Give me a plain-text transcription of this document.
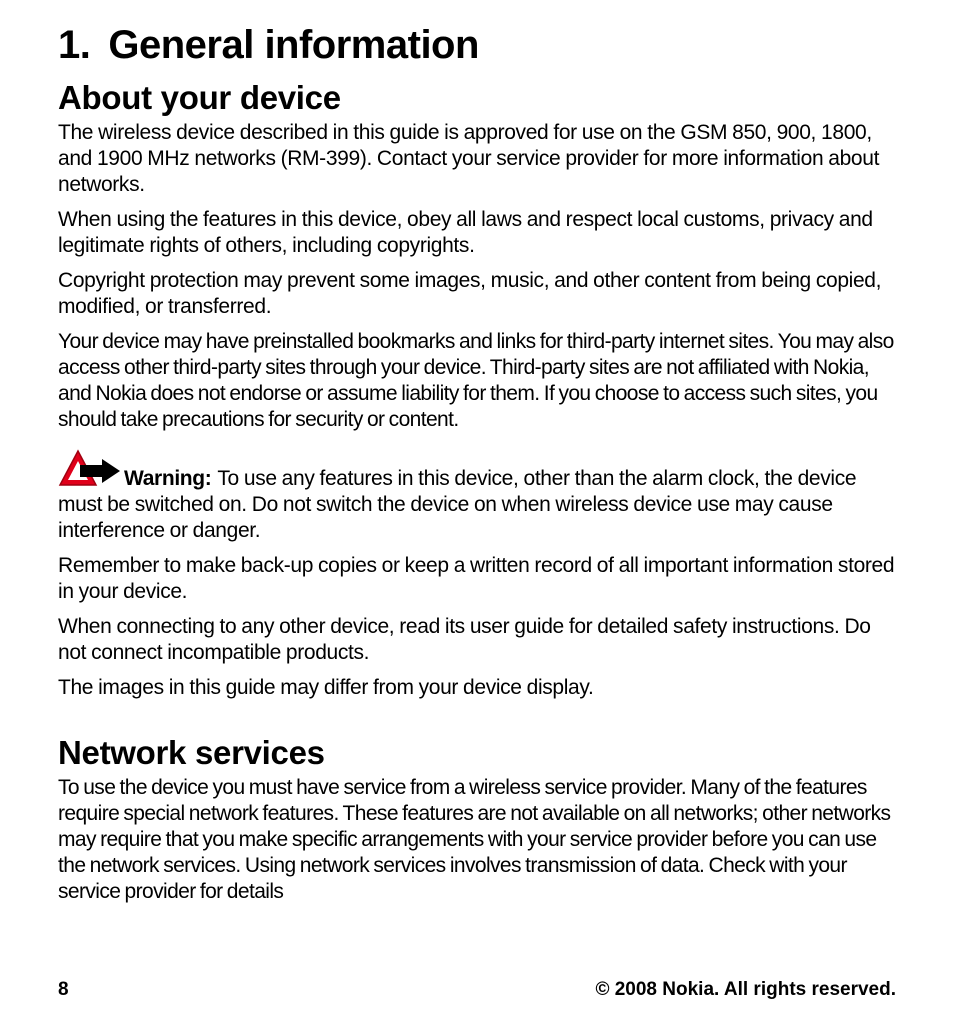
1. General information
About your device

The wireless device described in this guide is approved for use on the GSM 850, 900, 1800, and 1900 MHz networks (RM-399). Contact your service provider for more information about networks.

When using the features in this device, obey all laws and respect local customs, privacy and legitimate rights of others, including copyrights.

Copyright protection may prevent some images, music, and other content from being copied, modified, or transferred.

Your device may have preinstalled bookmarks and links for third-party internet sites. You may also access other third-party sites through your device. Third-party sites are not affiliated with Nokia, and Nokia does not endorse or assume liability for them. If you choose to access such sites, you should take precautions for security or content.

Warning: To use any features in this device, other than the alarm clock, the device must be switched on. Do not switch the device on when wireless device use may cause interference or danger.

Remember to make back-up copies or keep a written record of all important information stored in your device.

When connecting to any other device, read its user guide for detailed safety instructions. Do not connect incompatible products.

The images in this guide may differ from your device display.

Network services

To use the device you must have service from a wireless service provider. Many of the features require special network features. These features are not available on all networks; other networks may require that you make specific arrangements with your service provider before you can use the network services. Using network services involves transmission of data. Check with your service provider for details

8	© 2008 Nokia. All rights reserved.
